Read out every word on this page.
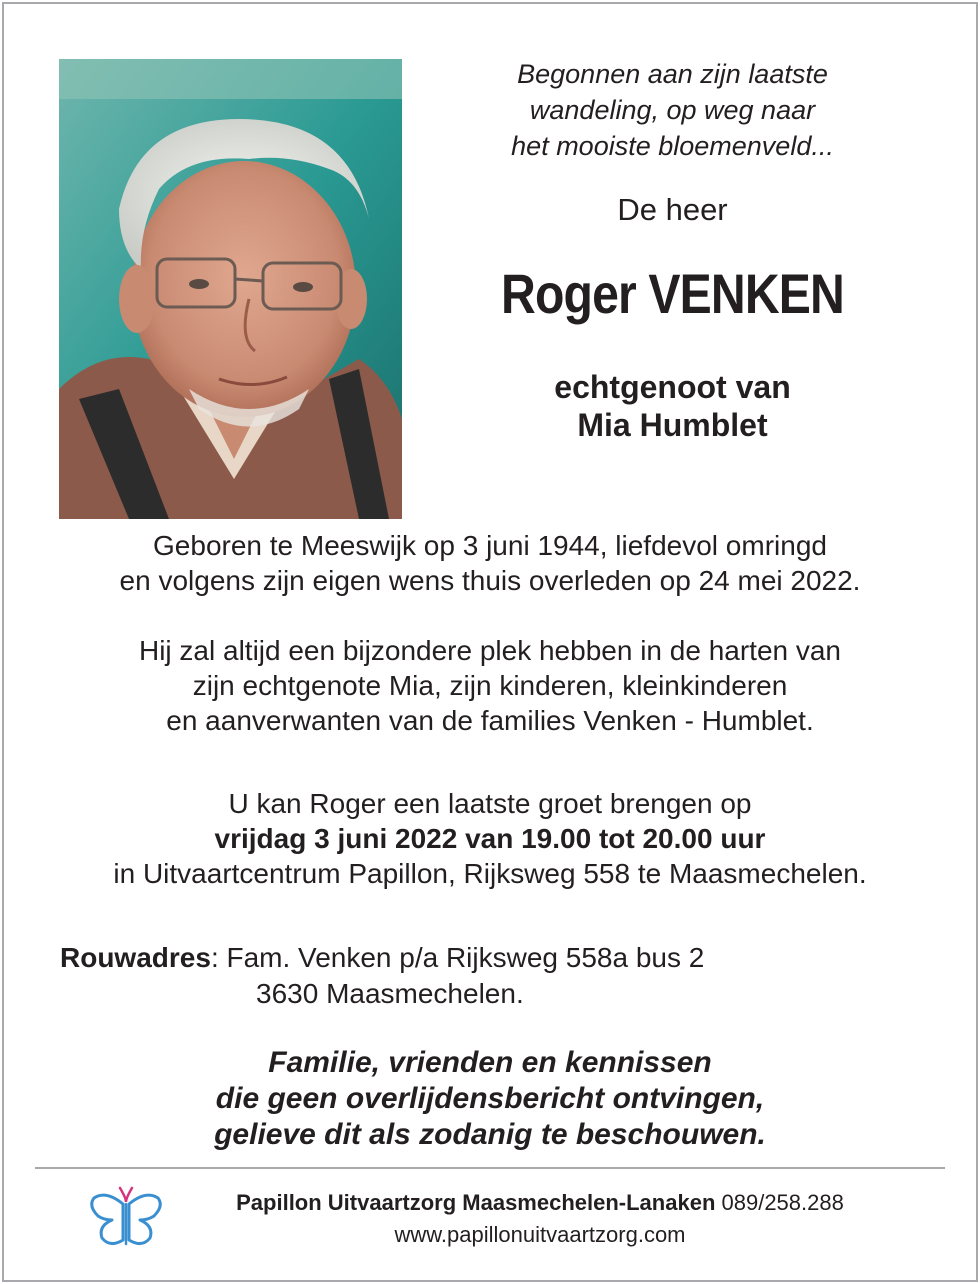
Begonnen aan zijn laatste
wandeling, op weg naar
het mooiste bloemenveld...

De heer

Roger VENKEN

echtgenoot van
Mia Humblet

Geboren te Meeswijk op 3 juni 1944, liefdevol omringd
en volgens zijn eigen wens thuis overleden op 24 mei 2022.

Hij zal altijd een bijzondere plek hebben in de harten van
zijn echtgenote Mia, zijn kinderen, kleinkinderen
en aanverwanten van de families Venken - Humblet.

U kan Roger een laatste groet brengen op
vrijdag 3 juni 2022 van 19.00 tot 20.00 uur
in Uitvaartcentrum Papillon, Rijksweg 558 te Maasmechelen.

Rouwadres: Fam. Venken p/a Rijksweg 558a bus 2
3630 Maasmechelen.

Familie, vrienden en kennissen
die geen overlijdensbericht ontvingen,
gelieve dit als zodanig te beschouwen.

Papillon Uitvaartzorg Maasmechelen-Lanaken 089/258.288
www.papillonuitvaartzorg.com
